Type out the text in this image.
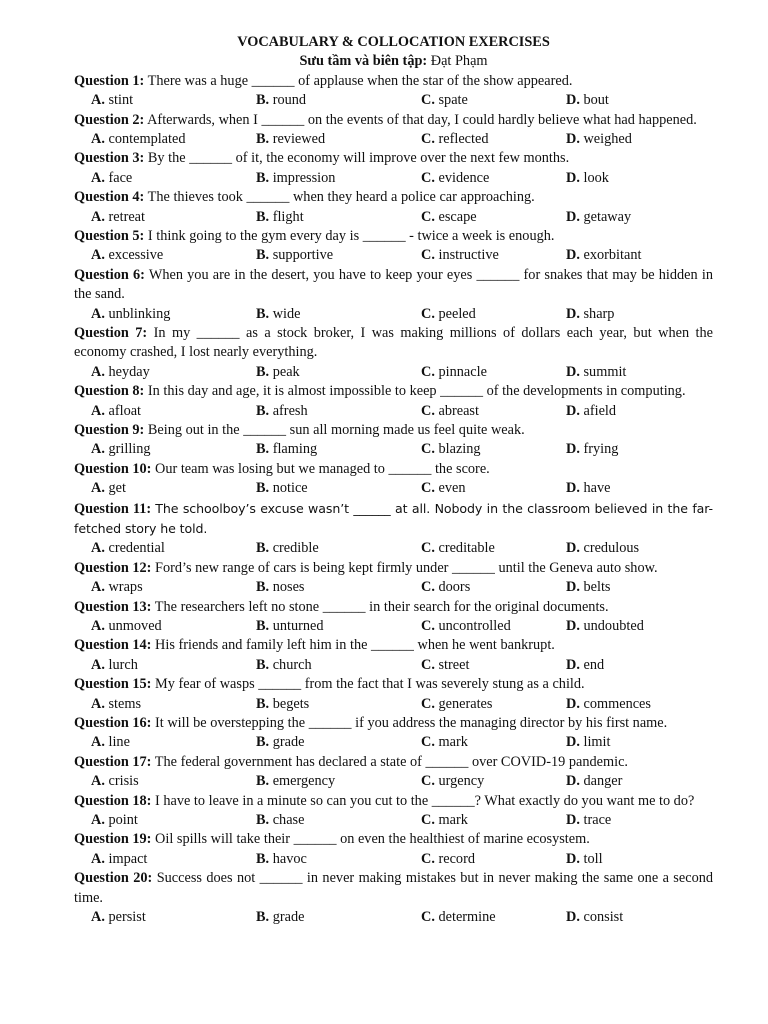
VOCABULARY & COLLOCATION EXERCISES
Sưu tầm và biên tập: Đạt Phạm
Question 1: There was a huge ______ of applause when the star of the show appeared.
A. stint	B. round	C. spate	D. bout
Question 2: Afterwards, when I ______ on the events of that day, I could hardly believe what had happened.
A. contemplated	B. reviewed	C. reflected	D. weighed
Question 3: By the ______ of it, the economy will improve over the next few months.
A. face	B. impression	C. evidence	D. look
Question 4: The thieves took ______ when they heard a police car approaching.
A. retreat	B. flight	C. escape	D. getaway
Question 5: I think going to the gym every day is ______ - twice a week is enough.
A. excessive	B. supportive	C. instructive	D. exorbitant
Question 6: When you are in the desert, you have to keep your eyes ______ for snakes that may be hidden in the sand.
A. unblinking	B. wide	C. peeled	D. sharp
Question 7: In my ______ as a stock broker, I was making millions of dollars each year, but when the economy crashed, I lost nearly everything.
A. heyday	B. peak	C. pinnacle	D. summit
Question 8: In this day and age, it is almost impossible to keep ______ of the developments in computing.
A. afloat	B. afresh	C. abreast	D. afield
Question 9: Being out in the ______ sun all morning made us feel quite weak.
A. grilling	B. flaming	C. blazing	D. frying
Question 10: Our team was losing but we managed to ______ the score.
A. get	B. notice	C. even	D. have
Question 11: The schoolboy’s excuse wasn’t ______ at all. Nobody in the classroom believed in the far-fetched story he told.
A. credential	B. credible	C. creditable	D. credulous
Question 12: Ford’s new range of cars is being kept firmly under ______ until the Geneva auto show.
A. wraps	B. noses	C. doors	D. belts
Question 13: The researchers left no stone ______ in their search for the original documents.
A. unmoved	B. unturned	C. uncontrolled	D. undoubted
Question 14: His friends and family left him in the ______ when he went bankrupt.
A. lurch	B. church	C. street	D. end
Question 15: My fear of wasps ______ from the fact that I was severely stung as a child.
A. stems	B. begets	C. generates	D. commences
Question 16: It will be overstepping the ______ if you address the managing director by his first name.
A. line	B. grade	C. mark	D. limit
Question 17: The federal government has declared a state of ______ over COVID-19 pandemic.
A. crisis	B. emergency	C. urgency	D. danger
Question 18: I have to leave in a minute so can you cut to the ______? What exactly do you want me to do?
A. point	B. chase	C. mark	D. trace
Question 19: Oil spills will take their ______ on even the healthiest of marine ecosystem.
A. impact	B. havoc	C. record	D. toll
Question 20: Success does not ______ in never making mistakes but in never making the same one a second time.
A. persist	B. grade	C. determine	D. consist
